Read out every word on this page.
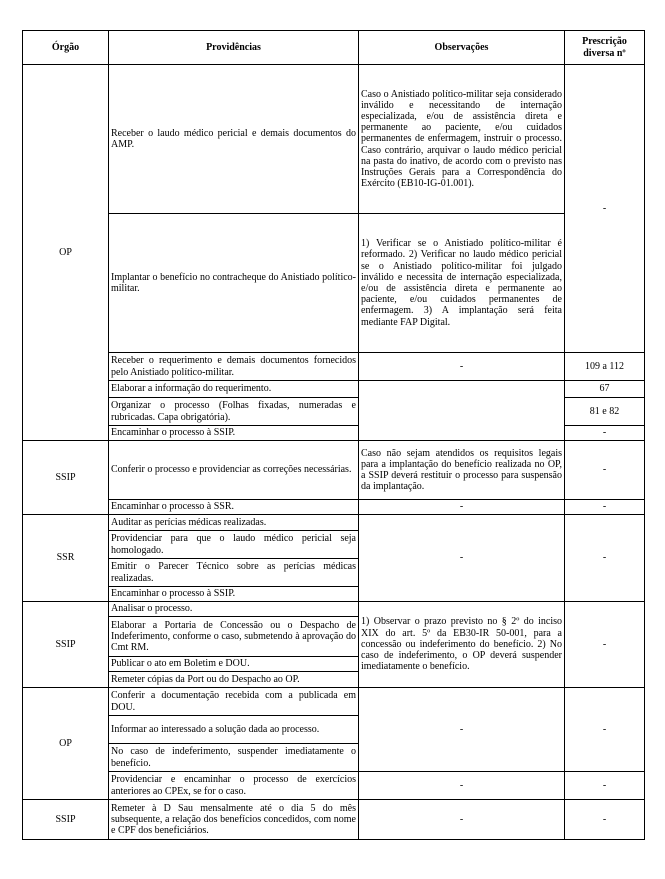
Órgão	Providências	Observações	Prescrição diversa nº
OP	Receber o laudo médico pericial e demais documentos do AMP.	Caso o Anistiado político-militar seja considerado inválido e necessitando de internação especializada, e/ou de assistência direta e permanente ao paciente, e/ou cuidados permanentes de enfermagem, instruir o processo. Caso contrário, arquivar o laudo médico pericial na pasta do inativo, de acordo com o previsto nas Instruções Gerais para a Correspondência do Exército (EB10-IG-01.001).	-
	Implantar o benefício no contracheque do Anistiado político-militar.	1) Verificar se o Anistiado político-militar é reformado. 2) Verificar no laudo médico pericial se o Anistiado político-militar foi julgado inválido e necessita de internação especializada, e/ou de assistência direta e permanente ao paciente, e/ou cuidados permanentes de enfermagem. 3) A implantação será feita mediante FAP Digital.	
	Receber o requerimento e demais documentos fornecidos pelo Anistiado político-militar.	-	109 a 112
	Elaborar a informação do requerimento.		67
	Organizar o processo (Folhas fixadas, numeradas e rubricadas. Capa obrigatória).		81 e 82
	Encaminhar o processo à SSIP.		-
SSIP	Conferir o processo e providenciar as correções necessárias.	Caso não sejam atendidos os requisitos legais para a implantação do benefício realizada no OP, a SSIP deverá restituir o processo para suspensão da implantação.	-
	Encaminhar o processo à SSR.	-	-
SSR	Auditar as perícias médicas realizadas.	-	-
	Providenciar para que o laudo médico pericial seja homologado.		
	Emitir o Parecer Técnico sobre as perícias médicas realizadas.		
	Encaminhar o processo à SSIP.		
SSIP	Analisar o processo.	1) Observar o prazo previsto no § 2º do inciso XIX do art. 5º da EB30-IR 50-001, para a concessão ou indeferimento do benefício. 2) No caso de indeferimento, o OP deverá suspender imediatamente o benefício.	-
	Elaborar a Portaria de Concessão ou o Despacho de Indeferimento, conforme o caso, submetendo à aprovação do Cmt RM.		
	Publicar o ato em Boletim e DOU.		
	Remeter cópias da Port ou do Despacho ao OP.		
OP	Conferir a documentação recebida com a publicada em DOU.	-	-
	Informar ao interessado a solução dada ao processo.		
	No caso de indeferimento, suspender imediatamente o benefício.		
	Providenciar e encaminhar o processo de exercícios anteriores ao CPEx, se for o caso.	-	-
SSIP	Remeter à D Sau mensalmente até o dia 5 do mês subsequente, a relação dos benefícios concedidos, com nome e CPF dos beneficiários.	-	-
